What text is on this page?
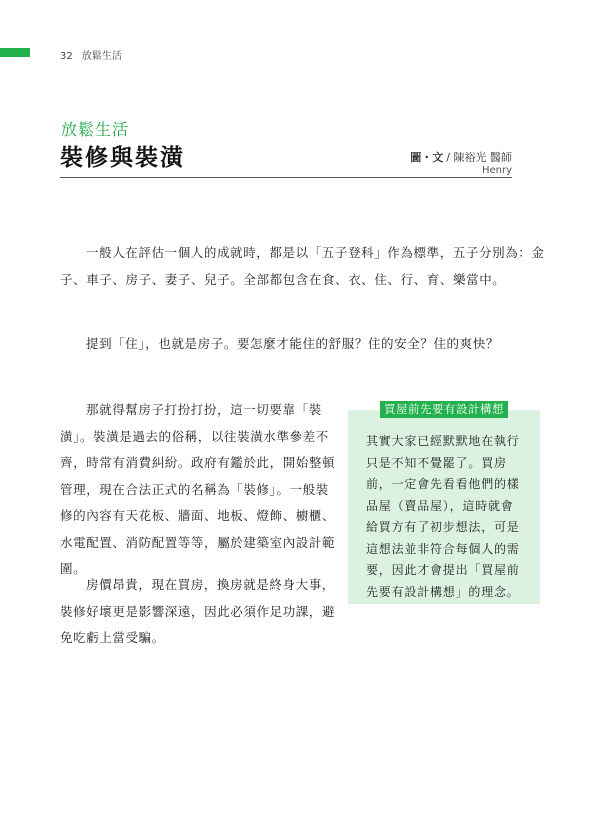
32 放鬆生活
放鬆生活
裝修與裝潢	圖・文 / 陳裕光 醫師
Henry

一般人在評估一個人的成就時，都是以「五子登科」作為標準，五子分別為：金子、車子、房子、妻子、兒子。全部都包含在食、衣、住、行、育、樂當中。

提到「住」，也就是房子。要怎麼才能住的舒服？住的安全？住的爽快？

那就得幫房子打扮打扮，這一切要靠「裝潢」。裝潢是過去的俗稱，以往裝潢水準參差不齊，時常有消費糾紛。政府有鑑於此，開始整頓管理，現在合法正式的名稱為「裝修」。一般裝修的內容有天花板、牆面、地板、燈飾、櫥櫃、水電配置、消防配置等等，屬於建築室內設計範圍。

房價昂貴，現在買房，換房就是終身大事，裝修好壞更是影響深遠，因此必須作足功課，避免吃虧上當受騙。

買屋前先要有設計構想

其實大家已經默默地在執行只是不知不覺罷了。買房前，一定會先看看他們的樣品屋（賣品屋），這時就會給買方有了初步想法，可是這想法並非符合每個人的需要，因此才會提出「買屋前先要有設計構想」的理念。
